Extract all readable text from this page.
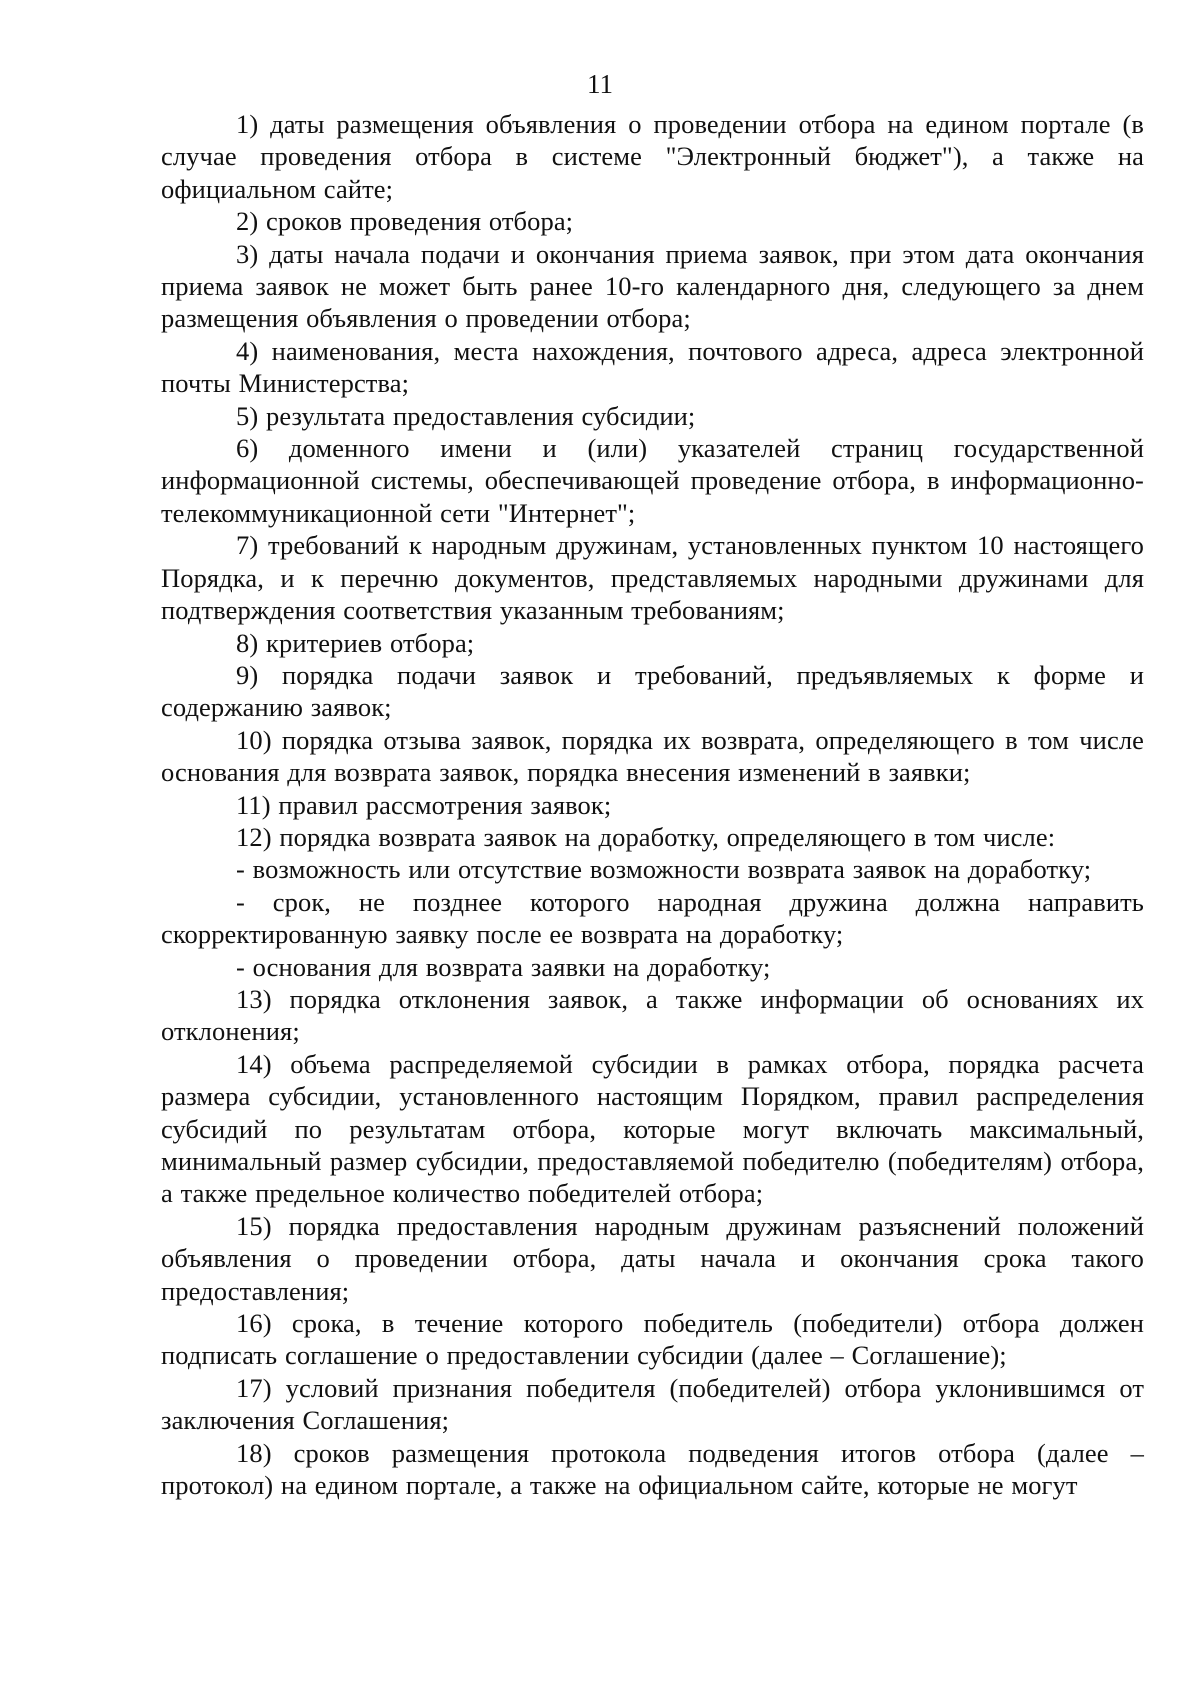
11

1) даты размещения объявления о проведении отбора на едином портале (в случае проведения отбора в системе "Электронный бюджет"), а также на официальном сайте;

2) сроков проведения отбора;

3) даты начала подачи и окончания приема заявок, при этом дата окончания приема заявок не может быть ранее 10-го календарного дня, следующего за днем размещения объявления о проведении отбора;

4) наименования, места нахождения, почтового адреса, адреса электронной почты Министерства;

5) результата предоставления субсидии;

6) доменного имени и (или) указателей страниц государственной информационной системы, обеспечивающей проведение отбора, в информационно-телекоммуникационной сети "Интернет";

7) требований к народным дружинам, установленных пунктом 10 настоящего Порядка, и к перечню документов, представляемых народными дружинами для подтверждения соответствия указанным требованиям;

8) критериев отбора;

9) порядка подачи заявок и требований, предъявляемых к форме и содержанию заявок;

10) порядка отзыва заявок, порядка их возврата, определяющего в том числе основания для возврата заявок, порядка внесения изменений в заявки;

11) правил рассмотрения заявок;

12) порядка возврата заявок на доработку, определяющего в том числе:

- возможность или отсутствие возможности возврата заявок на доработку;

- срок, не позднее которого народная дружина должна направить скорректированную заявку после ее возврата на доработку;

- основания для возврата заявки на доработку;

13) порядка отклонения заявок, а также информации об основаниях их отклонения;

14) объема распределяемой субсидии в рамках отбора, порядка расчета размера субсидии, установленного настоящим Порядком, правил распределения субсидий по результатам отбора, которые могут включать максимальный, минимальный размер субсидии, предоставляемой победителю (победителям) отбора, а также предельное количество победителей отбора;

15) порядка предоставления народным дружинам разъяснений положений объявления о проведении отбора, даты начала и окончания срока такого предоставления;

16) срока, в течение которого победитель (победители) отбора должен подписать соглашение о предоставлении субсидии (далее – Соглашение);

17) условий признания победителя (победителей) отбора уклонившимся от заключения Соглашения;

18) сроков размещения протокола подведения итогов отбора (далее – протокол) на едином портале, а также на официальном сайте, которые не могут
